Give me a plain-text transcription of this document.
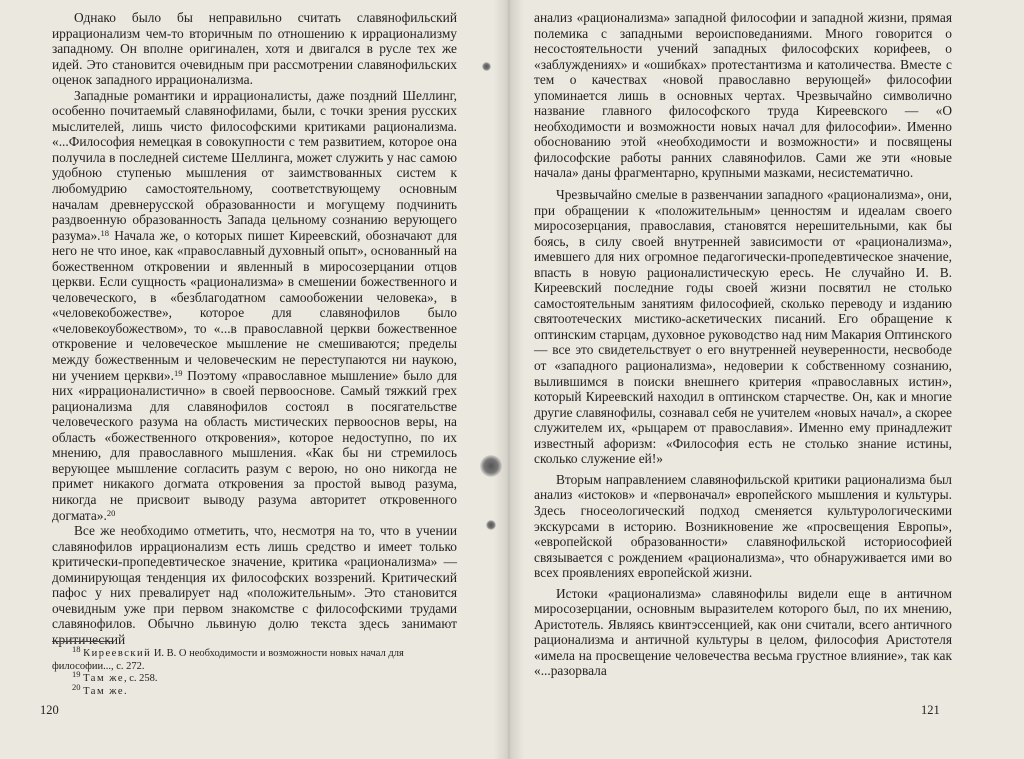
Однако было бы неправильно считать славянофильский иррационализм чем-то вторичным по отношению к иррационализму западному. Он вполне оригинален, хотя и двигался в русле тех же идей. Это становится очевидным при рассмотрении славянофильских оценок западного иррационализма.

Западные романтики и иррационалисты, даже поздний Шеллинг, особенно почитаемый славянофилами, были, с точки зрения русских мыслителей, лишь чисто философскими критиками рационализма. «...Философия немецкая в совокупности с тем развитием, которое она получила в последней системе Шеллинга, может служить у нас самою удобною ступенью мышления от заимствованных систем к любомудрию самостоятельному, соответствующему основным началам древнерусской образованности и могущему подчинить раздвоенную образованность Запада цельному сознанию верующего разума».$^{18}$ Начала же, о которых пишет Киреевский, обозначают для него не что иное, как «православный духовный опыт», основанный на божественном откровении и явленный в миросозерцании отцов церкви. Если сущность «рационализма» в смешении божественного и человеческого, в «безблагодатном самообожении человека», в «человекобожестве», которое для славянофилов было «человекоубожеством», то «...в православной церкви божественное откровение и человеческое мышление не смешиваются; пределы между божественным и человеческим не переступаются ни наукою, ни учением церкви».$^{19}$ Поэтому «православное мышление» было для них «иррационалистично» в своей первооснове. Самый тяжкий грех рационализма для славянофилов состоял в посягательстве человеческого разума на область мистических первооснов веры, на область «божественного откровения», которое недоступно, по их мнению, для православного мышления. «Как бы ни стремилось верующее мышление согласить разум с верою, но оно никогда не примет никакого догмата откровения за простой вывод разума, никогда не присвоит выводу разума авторитет откровенного догмата».$^{20}$

Все же необходимо отметить, что, несмотря на то, что в учении славянофилов иррационализм есть лишь средство и имеет только критически-пропедевтическое значение, критика «рационализма» — доминирующая тенденция их философских воззрений. Критический пафос у них превалирует над «положительным». Это становится очевидным уже при первом знакомстве с философскими трудами славянофилов. Обычно львиную долю текста здесь занимают критический

$^{18}$ Киреевский И. В. О необходимости и возможности новых начал для философии..., с. 272.
$^{19}$ Там же, с. 258.
$^{20}$ Там же.
120

анализ «рационализма» западной философии и западной жизни, прямая полемика с западными вероисповеданиями. Много говорится о несостоятельности учений западных философских корифеев, о «заблуждениях» и «ошибках» протестантизма и католичества. Вместе с тем о качествах «новой православно верующей» философии упоминается лишь в основных чертах. Чрезвычайно символично название главного философского труда Киреевского — «О необходимости и возможности новых начал для философии». Именно обоснованию этой «необходимости и возможности» и посвящены философские работы ранних славянофилов. Сами же эти «новые начала» даны фрагментарно, крупными мазками, несистематично.

Чрезвычайно смелые в развенчании западного «рационализма», они, при обращении к «положительным» ценностям и идеалам своего миросозерцания, православия, становятся нерешительными, как бы боясь, в силу своей внутренней зависимости от «рационализма», имевшего для них огромное педагогически-пропедевтическое значение, впасть в новую рационалистическую ересь. Не случайно И. В. Киреевский последние годы своей жизни посвятил не столько самостоятельным занятиям философией, сколько переводу и изданию святоотеческих мистико-аскетических писаний. Его обращение к оптинским старцам, духовное руководство над ним Макария Оптинского — все это свидетельствует о его внутренней неуверенности, несвободе от «западного рационализма», недоверии к собственному сознанию, вылившимся в поиски внешнего критерия «православных истин», который Киреевский находил в оптинском старчестве. Он, как и многие другие славянофилы, сознавал себя не учителем «новых начал», а скорее служителем их, «рыцарем от православия». Именно ему принадлежит известный афоризм: «Философия есть не столько знание истины, сколько служение ей!»

Вторым направлением славянофильской критики рационализма был анализ «истоков» и «первоначал» европейского мышления и культуры. Здесь гносеологический подход сменяется культурологическими экскурсами в историю. Возникновение же «просвещения Европы», «европейской образованности» славянофильской историософией связывается с рождением «рационализма», что обнаруживается ими во всех проявлениях европейской жизни.

Истоки «рационализма» славянофилы видели еще в античном миросозерцании, основным выразителем которого был, по их мнению, Аристотель. Являясь квинтэссенцией, как они считали, всего античного рационализма и античной культуры в целом, философия Аристотеля «имела на просвещение человечества весьма грустное влияние», так как «...разорвала

121
